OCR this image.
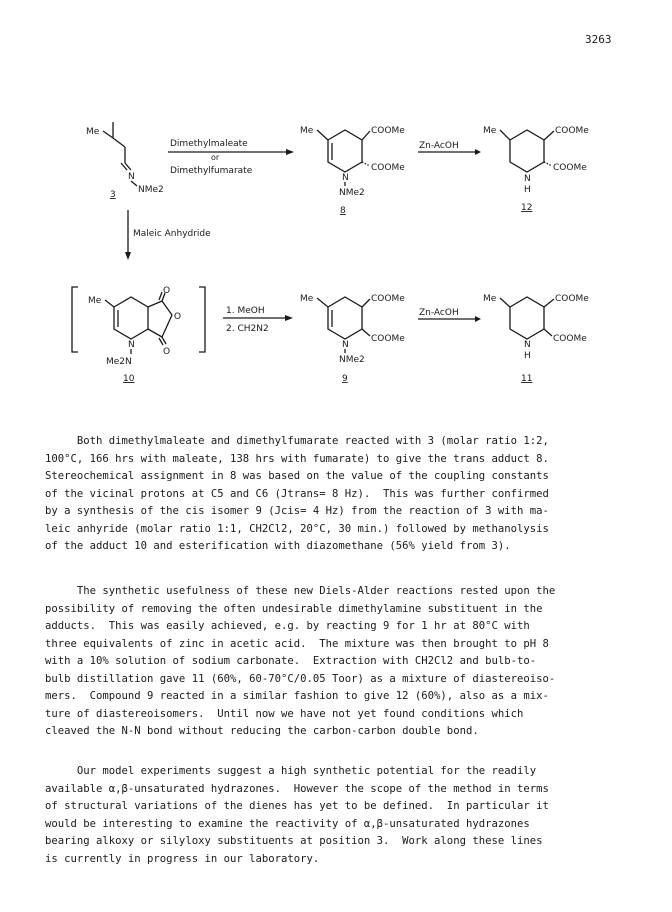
3263
Me
N
NMe2
3
Dimethylmaleate
or
Dimethylfumarate
Maleic Anhydride
Me	COOMe
COOMe
N
NMe2
8
Zn-AcOH
Me	COOMe
COOMe
N
H
12
Me
O
O
O
N
Me2N
10
1. MeOH
2. CH2N2
Me	COOMe
COOMe
N
NMe2
9
Zn-AcOH
Me	COOMe
COOMe
N
H
11
Both dimethylmaleate and dimethylfumarate reacted with 3 (molar ratio 1:2,
100°C, 166 hrs with maleate, 138 hrs with fumarate) to give the trans adduct 8.
Stereochemical assignment in 8 was based on the value of the coupling constants
of the vicinal protons at C5 and C6 (Jtrans= 8 Hz).  This was further confirmed
by a synthesis of the cis isomer 9 (Jcis= 4 Hz) from the reaction of 3 with ma-
leic anhyride (molar ratio 1:1, CH2Cl2, 20°C, 30 min.) followed by methanolysis
of the adduct 10 and esterification with diazomethane (56% yield from 3).
The synthetic usefulness of these new Diels-Alder reactions rested upon the
possibility of removing the often undesirable dimethylamine substituent in the
adducts.  This was easily achieved, e.g. by reacting 9 for 1 hr at 80°C with
three equivalents of zinc in acetic acid.  The mixture was then brought to pH 8
with a 10% solution of sodium carbonate.  Extraction with CH2Cl2 and bulb-to-
bulb distillation gave 11 (60%, 60-70°C/0.05 Toor) as a mixture of diastereoiso-
mers.  Compound 9 reacted in a similar fashion to give 12 (60%), also as a mix-
ture of diastereoisomers.  Until now we have not yet found conditions which
cleaved the N-N bond without reducing the carbon-carbon double bond.
Our model experiments suggest a high synthetic potential for the readily
available α,β-unsaturated hydrazones.  However the scope of the method in terms
of structural variations of the dienes has yet to be defined.  In particular it
would be interesting to examine the reactivity of α,β-unsaturated hydrazones
bearing alkoxy or silyloxy substituents at position 3.  Work along these lines
is currently in progress in our laboratory.
